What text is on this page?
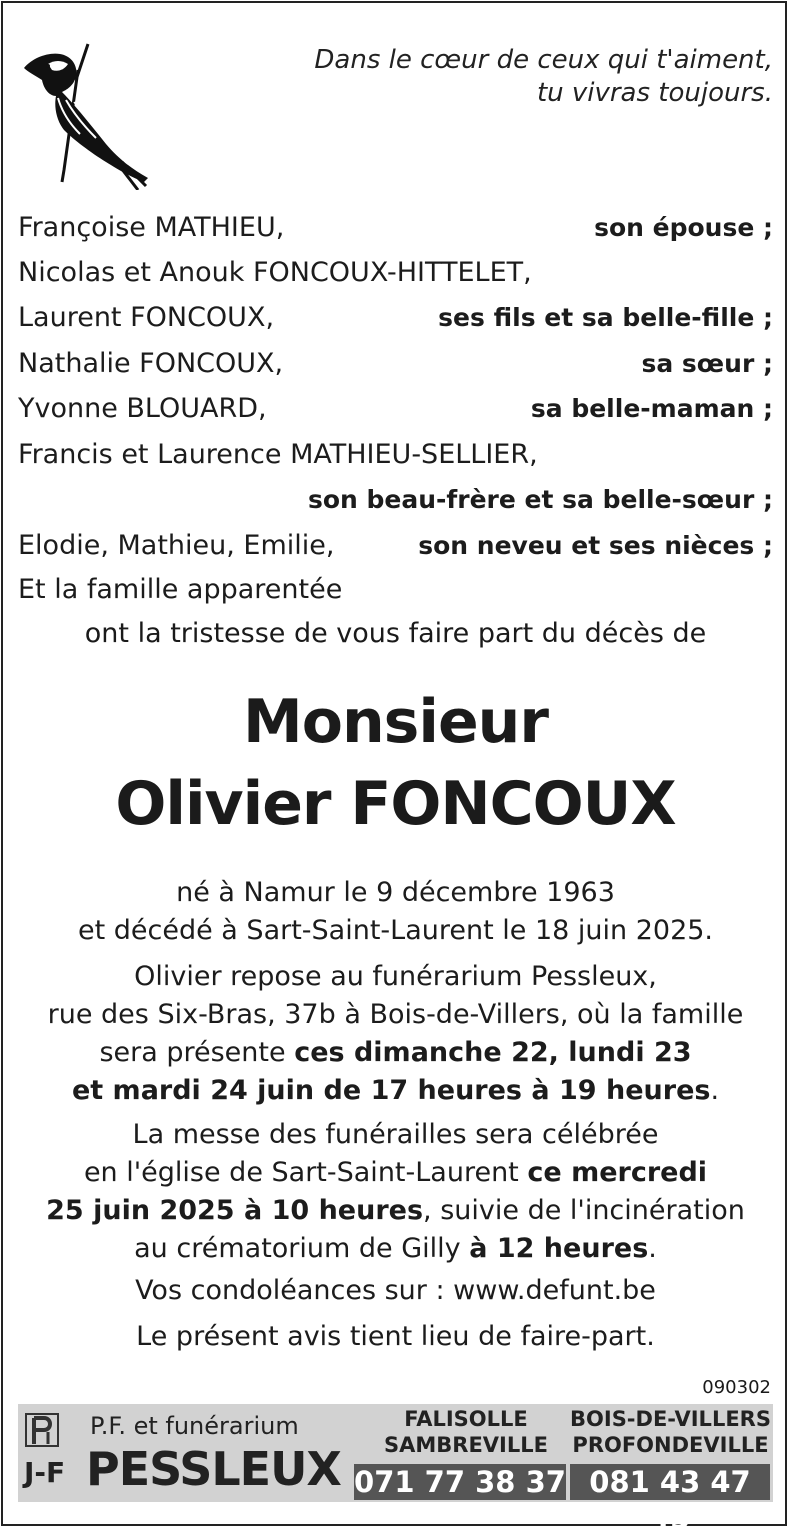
Dans le cœur de ceux qui t'aiment,
tu vivras toujours.
Françoise MATHIEU,	son épouse ;
Nicolas et Anouk FONCOUX-HITTELET,
Laurent FONCOUX,	ses fils et sa belle-fille ;
Nathalie FONCOUX,	sa sœur ;
Yvonne BLOUARD,	sa belle-maman ;
Francis et Laurence MATHIEU-SELLIER,
son beau-frère et sa belle-sœur ;
Elodie, Mathieu, Emilie,	son neveu et ses nièces ;
Et la famille apparentée
ont la tristesse de vous faire part du décès de
Monsieur
Olivier FONCOUX
né à Namur le 9 décembre 1963
et décédé à Sart-Saint-Laurent le 18 juin 2025.
Olivier repose au funérarium Pessleux,
rue des Six-Bras, 37b à Bois-de-Villers, où la famille
sera présente ces dimanche 22, lundi 23
et mardi 24 juin de 17 heures à 19 heures.
La messe des funérailles sera célébrée
en l'église de Sart-Saint-Laurent ce mercredi
25 juin 2025 à 10 heures, suivie de l'incinération
au crématorium de Gilly à 12 heures.
Vos condoléances sur : www.defunt.be
Le présent avis tient lieu de faire-part.
090302
P.F. et funérarium
J-F PESSLEUX
FALISOLLE
SAMBREVILLE
071 77 38 37
BOIS-DE-VILLERS
PROFONDEVILLE
081 43 47 45
